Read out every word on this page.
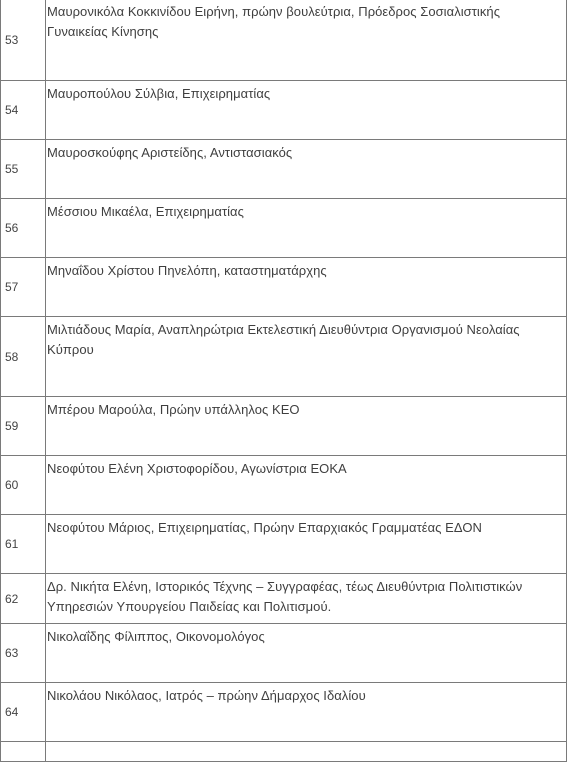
53	Μαυρονικόλα Κοκκινίδου Ειρήνη, πρώην βουλεύτρια, Πρόεδρος Σοσιαλιστικής Γυναικείας Κίνησης

54	Μαυροπούλου Σύλβια, Επιχειρηματίας

55	Μαυροσκούφης Αριστείδης, Αντιστασιακός

56	Μέσσιου Μικαέλα, Επιχειρηματίας

57	Μηναΐδου Χρίστου Πηνελόπη, καταστηματάρχης

58	Μιλτιάδους Μαρία, Αναπληρώτρια Εκτελεστική Διευθύντρια Οργανισμού Νεολαίας Κύπρου

59	Μπέρου Μαρούλα, Πρώην υπάλληλος ΚΕΟ

60	Νεοφύτου Ελένη Χριστοφορίδου, Αγωνίστρια ΕΟΚΑ

61	Νεοφύτου Μάριος, Επιχειρηματίας, Πρώην Επαρχιακός Γραμματέας ΕΔΟΝ

62	Δρ. Νικήτα Ελένη, Ιστορικός Τέχνης – Συγγραφέας, τέως Διευθύντρια Πολιτιστικών Υπηρεσιών Υπουργείου Παιδείας και Πολιτισμού.

63	Νικολαΐδης Φίλιππος, Οικονομολόγος

64	Νικολάου Νικόλαος, Ιατρός – πρώην Δήμαρχος Ιδαλίου
